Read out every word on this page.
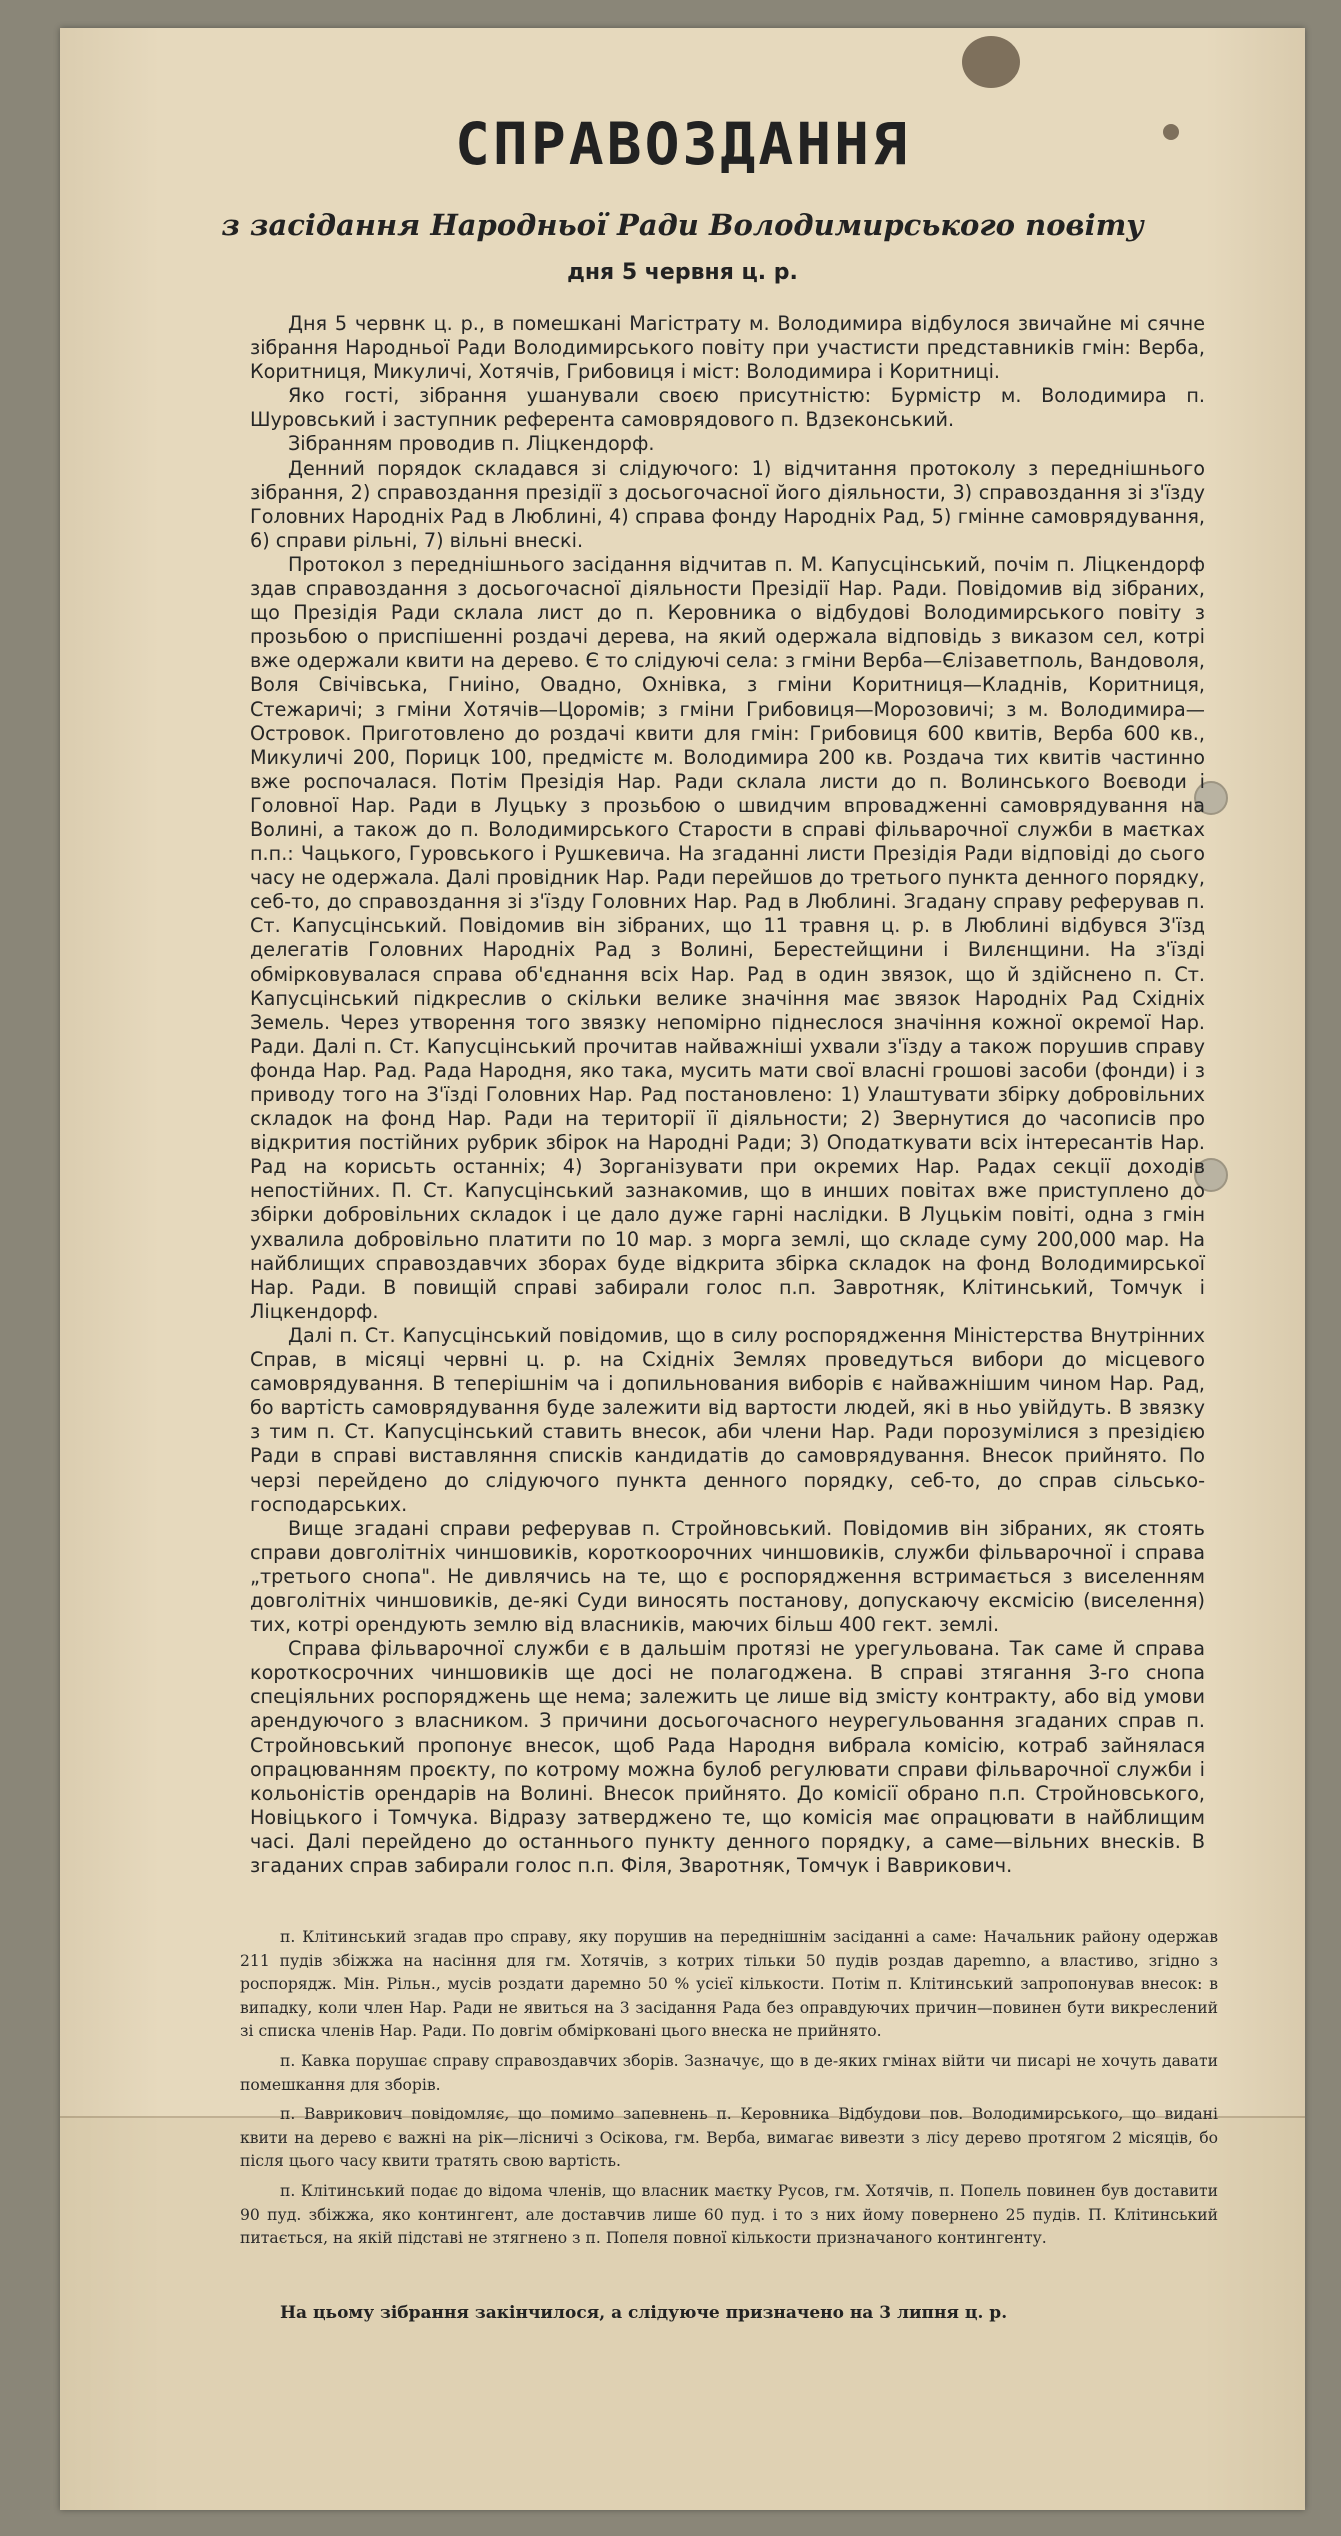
СПРАВОЗДАННЯ
з засідання Народньої Ради Володимирського повіту
дня 5 червня ц. р.

Дня 5 червнк ц. р., в помешкані Магістрату м. Володимира відбулося звичайне мі сячне зібрання Народньої Ради Володимирського повіту при участисти представників гмін: Верба, Коритниця, Микуличі, Хотячів, Грибовиця і міст: Володимира і Коритниці.

Яко гості, зібрання ушанували своєю присутністю: Бурмістр м. Володимира п. Шуровський і заступник референта самоврядового п. Вдзеконський.

Зібранням проводив п. Ліцкендорф.

Денний порядок складався зі слідуючого: 1) відчитання протоколу з переднішнього зібрання, 2) справоздання презідії з досьогочасної його діяльности, 3) справоздання зі з'їзду Головних Народніх Рад в Люблині, 4) справа фонду Народніх Рад, 5) гмінне самоврядування, 6) справи рільні, 7) вільні внескі.

Протокол з переднішнього засідання відчитав п. М. Капусцінський, почім п. Ліцкендорф здав справоздання з досьогочасної діяльности Презідії Нар. Ради. Повідомив від зібраних, що Презідія Ради склала лист до п. Керовника о відбудові Володимирського повіту з прозьбою о приспішенні роздачі дерева, на який одержала відповідь з виказом сел, котрі вже одержали квити на дерево. Є то слідуючі села: з гміни Верба—Єлізаветполь, Вандоволя, Воля Свічівська, Гниіно, Овадно, Охнівка, з гміни Коритниця—Кладнів, Коритниця, Стежаричі; з гміни Хотячів—Цоромів; з гміни Грибовиця—Морозовичі; з м. Володимира—Островок. Приготовлено до роздачі квити для гмін: Грибовиця 600 квитів, Верба 600 кв., Микуличі 200, Порицк 100, предмістє м. Володимира 200 кв. Роздача тих квитів частинно вже роспочалася. Потім Презідія Нар. Ради склала листи до п. Волинського Воєводи і Головної Нар. Ради в Луцьку з прозьбою о швидчим впровадженні самоврядування на Волині, а також до п. Володимирського Старости в справі фільварочної служби в маєтках п.п.: Чацького, Гуровського і Рушкевича. На згаданні листи Презідія Ради відповіді до сього часу не одержала. Далі провідник Нар. Ради перейшов до третього пункта денного порядку, себ-то, до справоздання зі з'їзду Головних Нар. Рад в Люблині. Згадану справу реферував п. Ст. Капусцінський. Повідомив він зібраних, що 11 травня ц. р. в Люблині відбувся З'їзд делегатів Головних Народніх Рад з Волині, Берестейщини і Вилєнщини. На з'їзді обмірковувалася справа об'єднання всіх Нар. Рад в один звязок, що й здійснено п. Ст. Капусцінський підкреслив о скільки велике значіння має звязок Народніх Рад Східніх Земель. Через утворення того звязку непомірно піднеслося значіння кожної окремої Нар. Ради. Далі п. Ст. Капусцінський прочитав найважніші ухвали з'їзду а також порушив справу фонда Нар. Рад. Рада Народня, яко така, мусить мати свої власні грошові засоби (фонди) і з приводу того на З'їзді Головних Нар. Рад постановлено: 1) Улаштувати збірку добровільних складок на фонд Нар. Ради на території її діяльности; 2) Звернутися до часописів про відкрития постійних рубрик збірок на Народні Ради; 3) Оподаткувати всіх інтересантів Нар. Рад на корисьть останніх; 4) Зорганізувати при окремих Нар. Радах секції доходів непостійних. П. Ст. Капусцінський зазнакомив, що в инших повітах вже приступлено до збірки добровільних складок і це дало дуже гарні наслідки. В Луцькім повіті, одна з гмін ухвалила добровільно платити по 10 мар. з морга землі, що складе суму 200,000 мар. На найблищих справоздавчих зборах буде відкрита збірка складок на фонд Володимирської Нар. Ради. В повищій справі забирали голос п.п. Завротняк, Клітинський, Томчук і Ліцкендорф.

Далі п. Ст. Капусцінський повідомив, що в силу роспорядження Міністерства Внутрінних Справ, в місяці червні ц. р. на Східніх Землях проведуться вибори до місцевого самоврядування. В теперішнім ча і допильнования виборів є найважнішим чином Нар. Рад, бо вартість самоврядування буде залежити від вартости людей, які в ньо увійдуть. В звязку з тим п. Ст. Капусцінський ставить внесок, аби члени Нар. Ради порозумілися з презідією Ради в справі виставляння списків кандидатів до самоврядування. Внесок прийнято. По черзі перейдено до слідуючого пункта денного порядку, себ-то, до справ сільсько-господарських.

Вище згадані справи реферував п. Стройновський. Повідомив він зібраних, як стоять справи довголітніх чиншовиків, короткоорочних чиншовиків, служби фільварочної і справа „третього снопа". Не дивлячись на те, що є роспорядження встримається з виселенням довголітніх чиншовиків, де-які Суди виносять постанову, допускаючу ексмісію (виселення) тих, котрі орендують землю від власників, маючих більш 400 гект. землі.

Справа фільварочної служби є в дальшім протязі не урегульована. Так саме й справа короткосрочних чиншовиків ще досі не полагоджена. В справі зтягання 3-го снопа спеціяльних роспоряджень ще нема; залежить це лише від змісту контракту, або від умови арендуючого з власником. З причини досьогочасного неурегульовання згаданих справ п. Стройновський пропонує внесок, щоб Рада Народня вибрала комісію, котраб зайнялася опрацюванням проєкту, по котрому можна булоб регулювати справи фільварочної служби і кольоністів орендарів на Волині. Внесок прийнято. До комісії обрано п.п. Стройновського, Новіцького і Томчука. Відразу затверджено те, що комісія має опрацювати в найблищим часі. Далі перейдено до останнього пункту денного порядку, а саме—вільних внесків. В згаданих справ забирали голос п.п. Філя, Зваротняк, Томчук і Ваврикович.

п. Клітинський згадав про справу, яку порушив на переднішнім засіданні а саме: Начальник району одержав 211 пудів збіжжа на насіння для гм. Хотячів, з котрих тільки 50 пудів роздав дарemno, а властиво, згідно з роспорядж. Мін. Рільн., мусів роздати даремно 50 % усієї кількости. Потім п. Клітинський запропонував внесок: в випадку, коли член Нар. Ради не явиться на 3 засідання Рада без оправдуючих причин—повинен бути викреслений зі списка членів Нар. Ради. По довгім обмірковані цього внеска не прийнято.

п. Кавка порушає справу справоздавчих зборів. Зазначує, що в де-яких гмінах війти чи писарі не хочуть давати помешкання для зборів.

п. Ваврикович повідомляє, що помимо запевнень п. Керовника Відбудови пов. Володимирського, що видані квити на дерево є важні на рік—лісничі з Осікова, гм. Верба, вимагає вивезти з лісу дерево протягом 2 місяців, бо після цього часу квити тратять свою вартість.

п. Клітинський подає до відома членів, що власник маєтку Русов, гм. Хотячів, п. Попель повинен був доставити 90 пуд. збіжжа, яко контингент, але доставчив лише 60 пуд. і то з них йому повернено 25 пудів. П. Клітинський питається, на якій підставі не зтягнено з п. Попеля повної кількости призначаного контингенту.

На цьому зібрання закінчилося, а слідуюче призначено на 3 липня ц. р.
